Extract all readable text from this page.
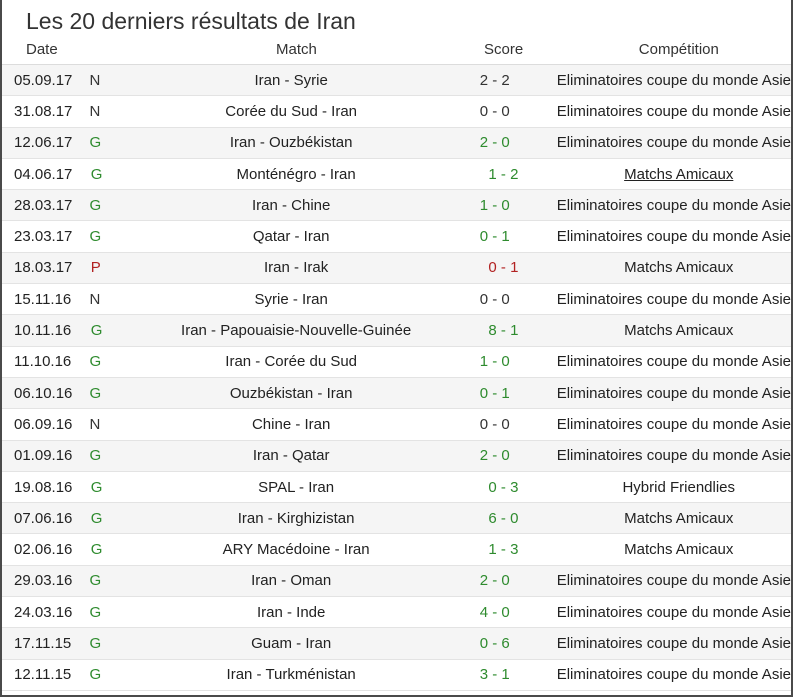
Les 20 derniers résultats de Iran
Date	Match	Score	Compétition
05.09.17	N	Iran - Syrie	2 - 2	Eliminatoires coupe du monde Asie
31.08.17	N	Corée du Sud - Iran	0 - 0	Eliminatoires coupe du monde Asie
12.06.17	G	Iran - Ouzbékistan	2 - 0	Eliminatoires coupe du monde Asie
04.06.17	G	Monténégro - Iran	1 - 2	Matchs Amicaux
28.03.17	G	Iran - Chine	1 - 0	Eliminatoires coupe du monde Asie
23.03.17	G	Qatar - Iran	0 - 1	Eliminatoires coupe du monde Asie
18.03.17	P	Iran - Irak	0 - 1	Matchs Amicaux
15.11.16	N	Syrie - Iran	0 - 0	Eliminatoires coupe du monde Asie
10.11.16	G	Iran - Papouaisie-Nouvelle-Guinée	8 - 1	Matchs Amicaux
11.10.16	G	Iran - Corée du Sud	1 - 0	Eliminatoires coupe du monde Asie
06.10.16	G	Ouzbékistan - Iran	0 - 1	Eliminatoires coupe du monde Asie
06.09.16	N	Chine - Iran	0 - 0	Eliminatoires coupe du monde Asie
01.09.16	G	Iran - Qatar	2 - 0	Eliminatoires coupe du monde Asie
19.08.16	G	SPAL - Iran	0 - 3	Hybrid Friendlies
07.06.16	G	Iran - Kirghizistan	6 - 0	Matchs Amicaux
02.06.16	G	ARY Macédoine - Iran	1 - 3	Matchs Amicaux
29.03.16	G	Iran - Oman	2 - 0	Eliminatoires coupe du monde Asie
24.03.16	G	Iran - Inde	4 - 0	Eliminatoires coupe du monde Asie
17.11.15	G	Guam - Iran	0 - 6	Eliminatoires coupe du monde Asie
12.11.15	G	Iran - Turkménistan	3 - 1	Eliminatoires coupe du monde Asie
